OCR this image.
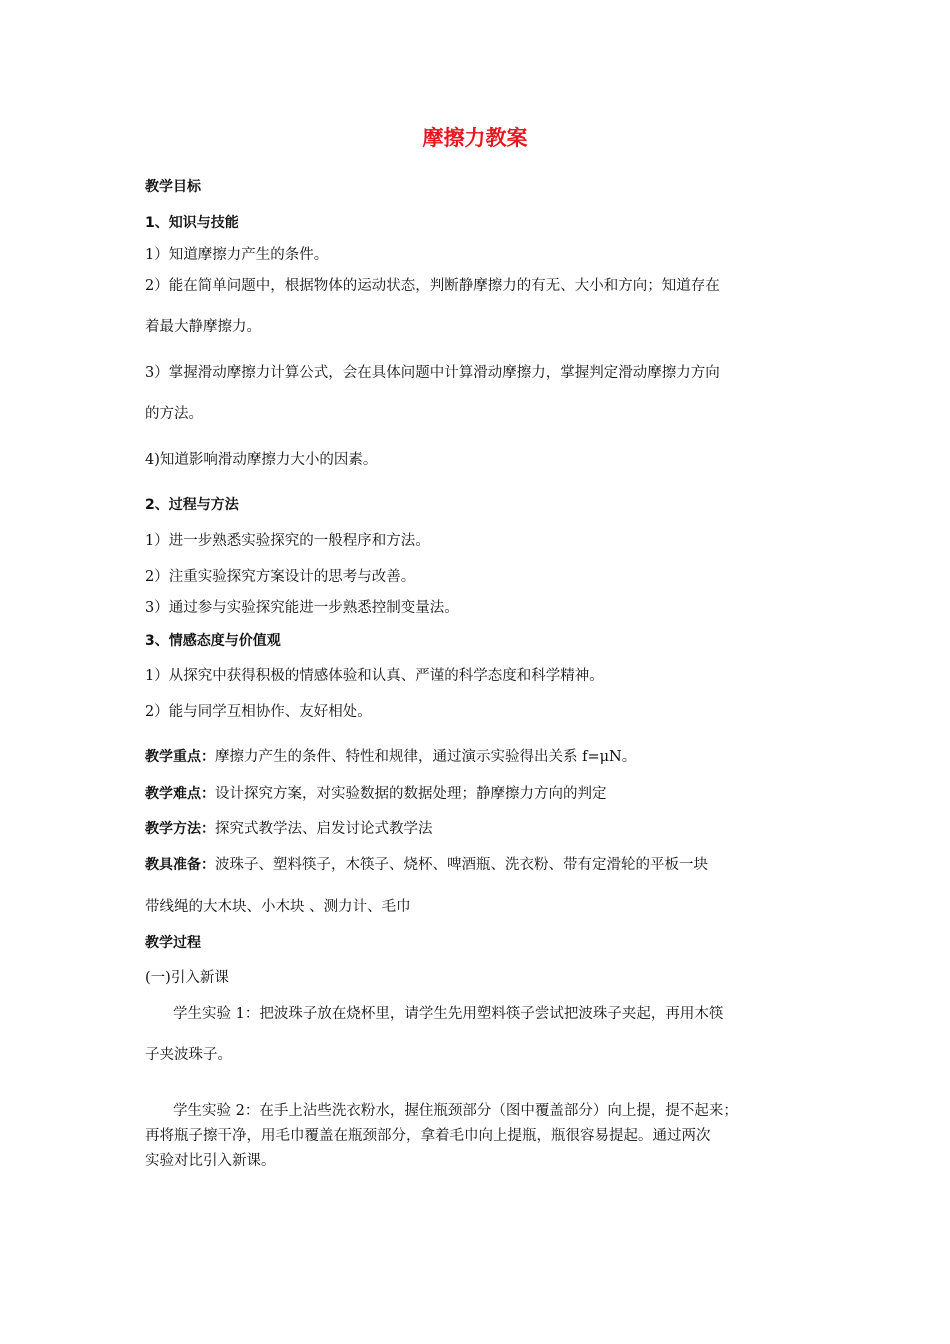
摩擦力教案
教学目标
1、知识与技能
1）知道摩擦力产生的条件。
2）能在简单问题中，根据物体的运动状态，判断静摩擦力的有无、大小和方向；知道存在
着最大静摩擦力。
3）掌握滑动摩擦力计算公式，会在具体问题中计算滑动摩擦力，掌握判定滑动摩擦力方向
的方法。
4)知道影响滑动摩擦力大小的因素。
2、过程与方法
1）进一步熟悉实验探究的一般程序和方法。
2）注重实验探究方案设计的思考与改善。
3）通过参与实验探究能进一步熟悉控制变量法。
3、情感态度与价值观
1）从探究中获得积极的情感体验和认真、严谨的科学态度和科学精神。
2）能与同学互相协作、友好相处。
教学重点：摩擦力产生的条件、特性和规律，通过演示实验得出关系 f=μN。
教学难点：设计探究方案，对实验数据的数据处理；静摩擦力方向的判定
教学方法：探究式教学法、启发讨论式教学法
教具准备：波珠子、塑料筷子，木筷子、烧杯、啤酒瓶、洗衣粉、带有定滑轮的平板一块
带线绳的大木块、小木块 、测力计、毛巾
教学过程
(一)引入新课
学生实验 1：把波珠子放在烧杯里，请学生先用塑料筷子尝试把波珠子夹起，再用木筷
子夹波珠子。
学生实验 2：在手上沾些洗衣粉水，握住瓶颈部分（图中覆盖部分）向上提，提不起来；
再将瓶子擦干净，用毛巾覆盖在瓶颈部分，拿着毛巾向上提瓶，瓶很容易提起。通过两次
实验对比引入新课。
